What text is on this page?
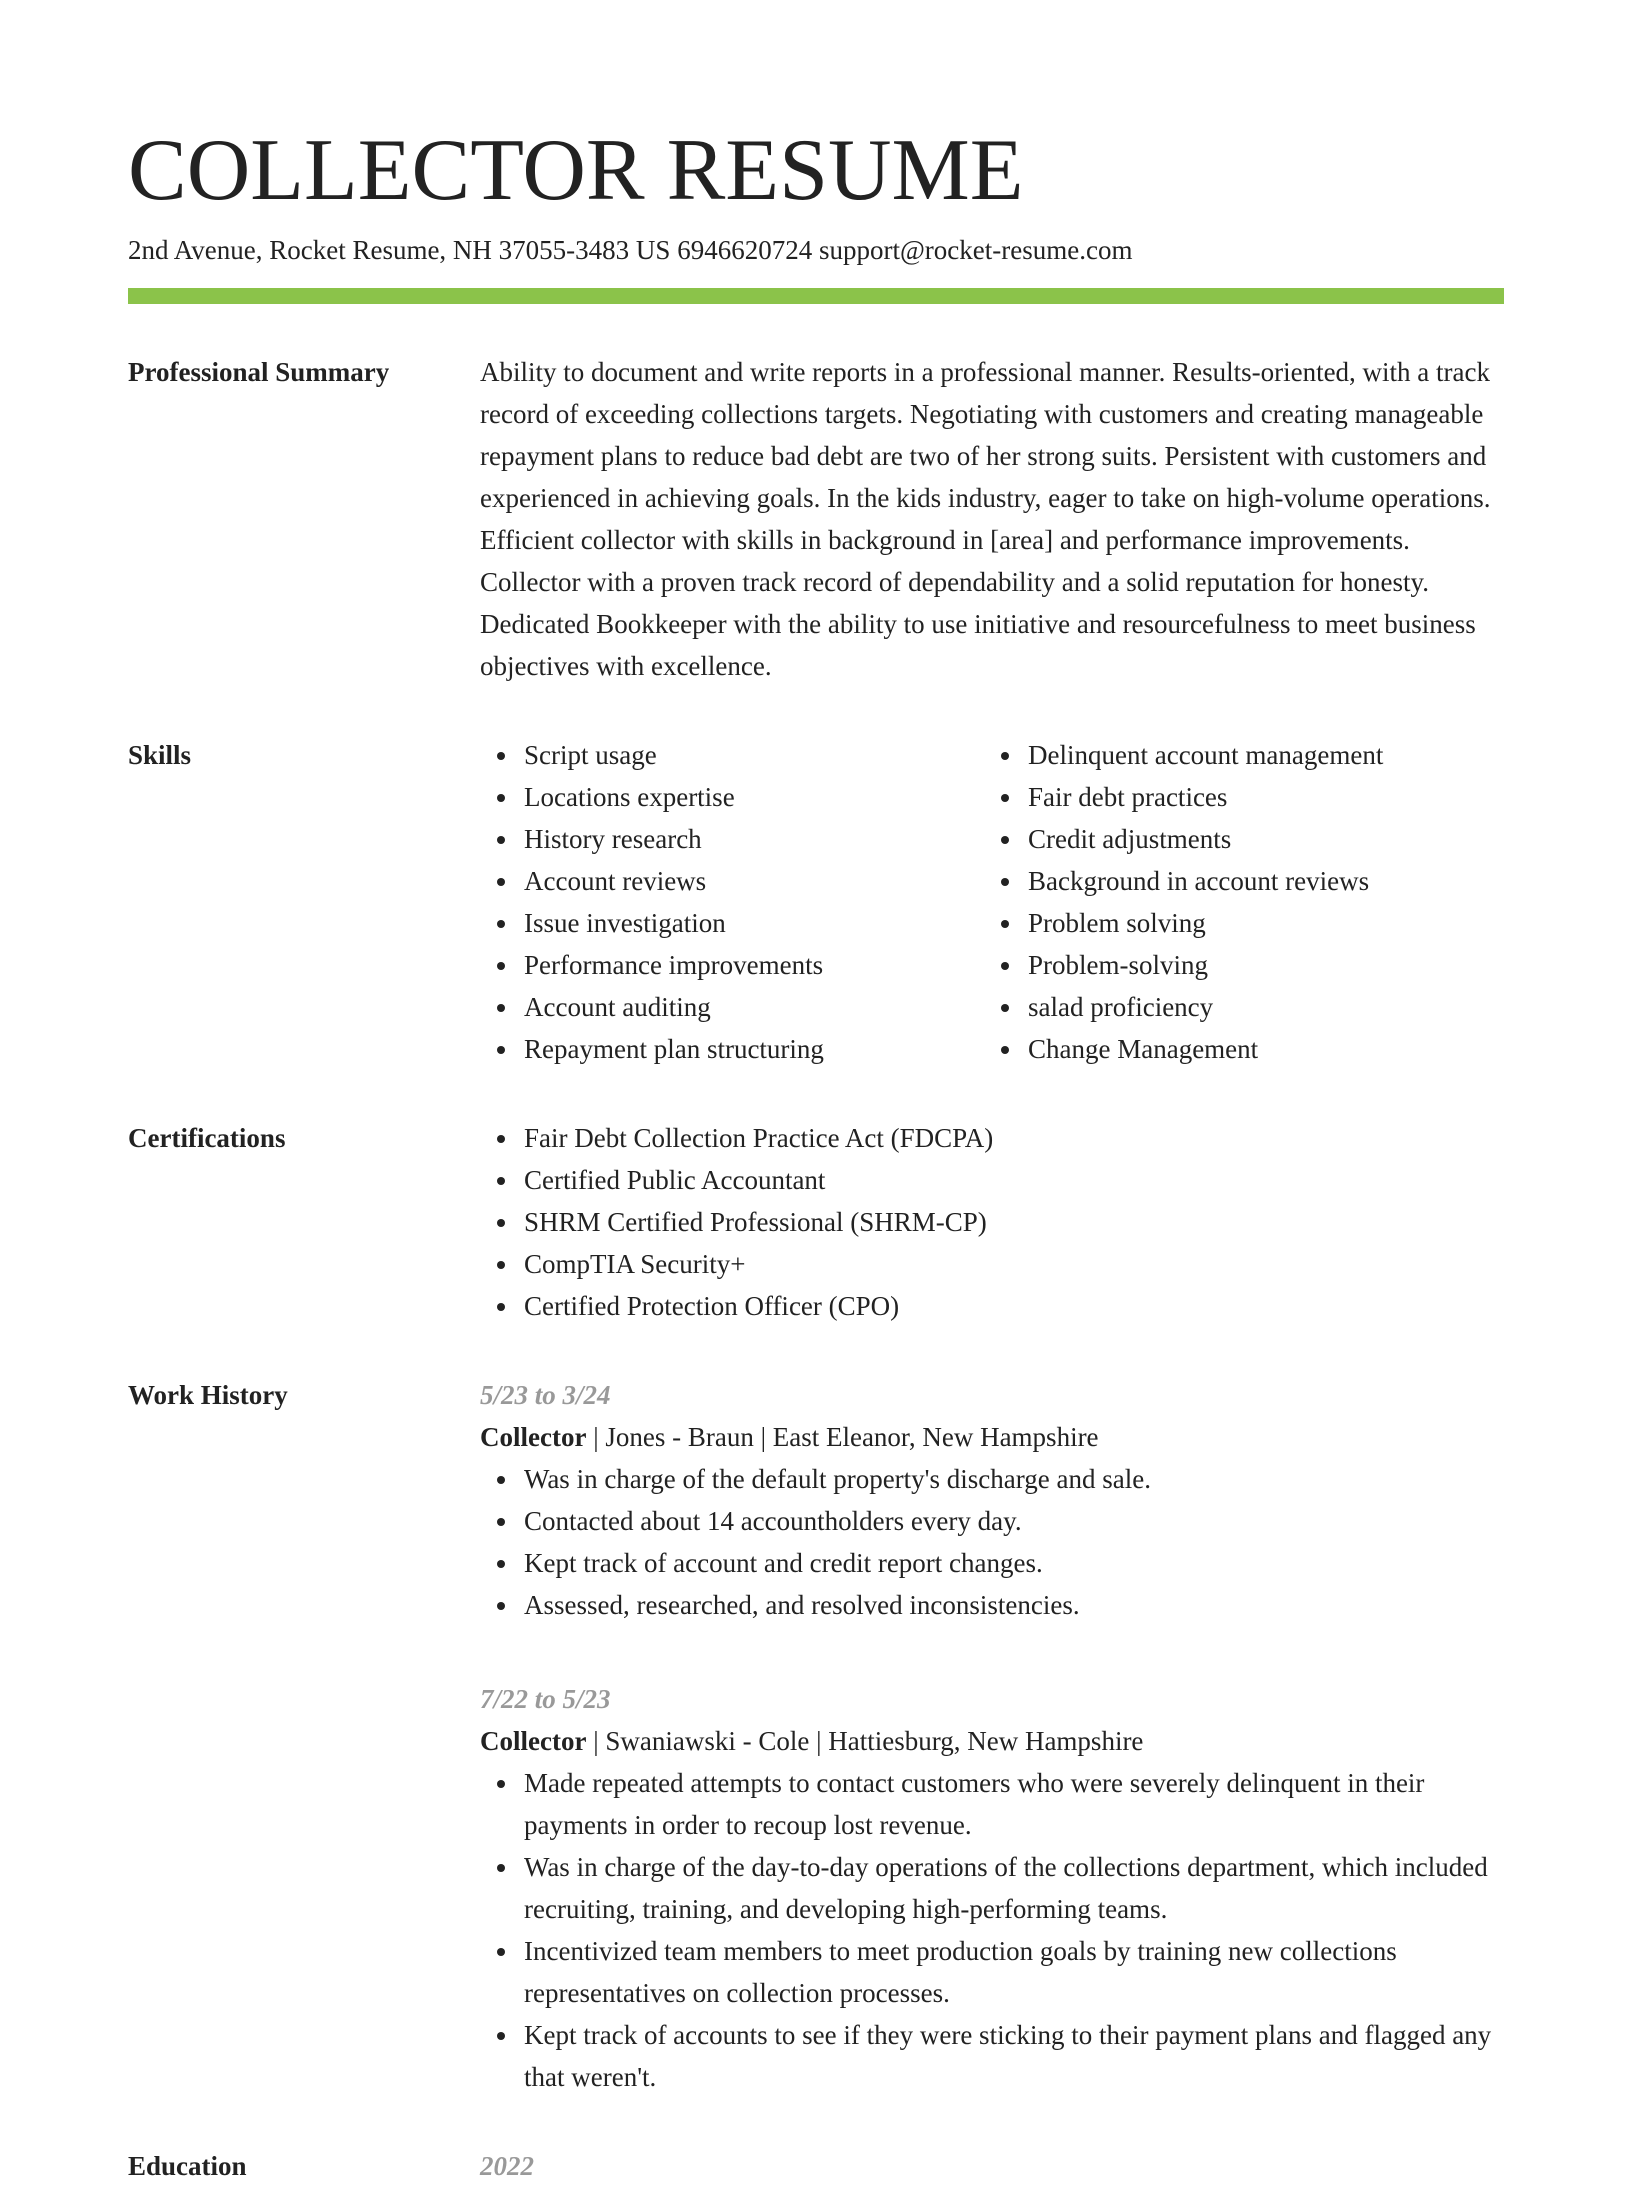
COLLECTOR RESUME
2nd Avenue, Rocket Resume, NH 37055-3483 US 6946620724 support@rocket-resume.com
Professional Summary	Ability to document and write reports in a professional manner. Results-oriented, with a track record of exceeding collections targets. Negotiating with customers and creating manageable repayment plans to reduce bad debt are two of her strong suits. Persistent with customers and experienced in achieving goals. In the kids industry, eager to take on high-volume operations. Efficient collector with skills in background in [area] and performance improvements. Collector with a proven track record of dependability and a solid reputation for honesty. Dedicated Bookkeeper with the ability to use initiative and resourcefulness to meet business objectives with excellence.

Skills	Script usage
Locations expertise
History research
Account reviews
Issue investigation
Performance improvements
Account auditing
Repayment plan structuring
Delinquent account management
Fair debt practices
Credit adjustments
Background in account reviews
Problem solving
Problem-solving
salad proficiency
Change Management
Certifications	Fair Debt Collection Practice Act (FDCPA)
Certified Public Accountant
SHRM Certified Professional (SHRM-CP)
CompTIA Security+
Certified Protection Officer (CPO)
Work History	5/23 to 3/24
Collector | Jones - Braun | East Eleanor, New Hampshire
Was in charge of the default property's discharge and sale.
Contacted about 14 accountholders every day.
Kept track of account and credit report changes.
Assessed, researched, and resolved inconsistencies.
7/22 to 5/23
Collector | Swaniawski - Cole | Hattiesburg, New Hampshire
Made repeated attempts to contact customers who were severely delinquent in their payments in order to recoup lost revenue.
Was in charge of the day-to-day operations of the collections department, which included recruiting, training, and developing high-performing teams.
Incentivized team members to meet production goals by training new collections representatives on collection processes.
Kept track of accounts to see if they were sticking to their payment plans and flagged any that weren't.
Education	2022
